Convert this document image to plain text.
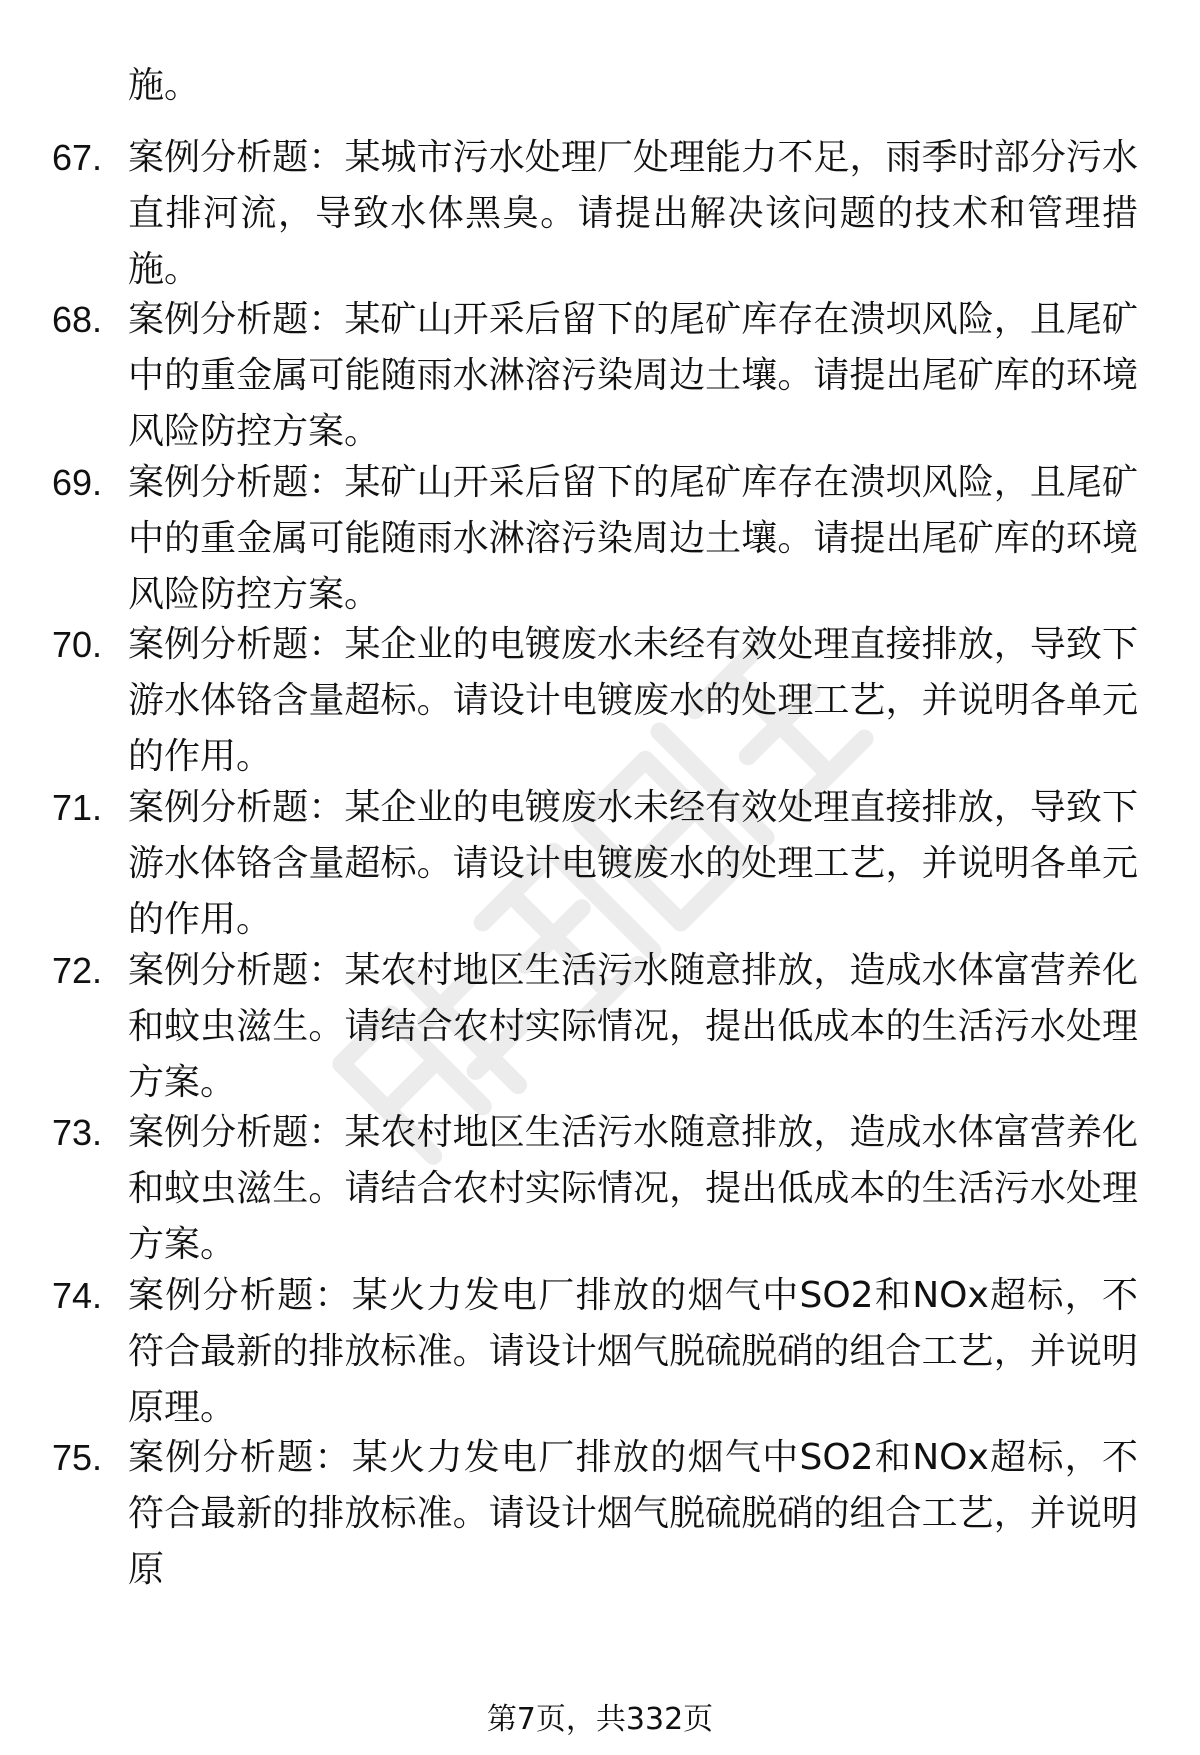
施。
67. 案例分析题：某城市污水处理厂处理能力不足，雨季时部分污水直排河流，导致水体黑臭。请提出解决该问题的技术和管理措施。
68. 案例分析题：某矿山开采后留下的尾矿库存在溃坝风险，且尾矿中的重金属可能随雨水淋溶污染周边土壤。请提出尾矿库的环境风险防控方案。
69. 案例分析题：某矿山开采后留下的尾矿库存在溃坝风险，且尾矿中的重金属可能随雨水淋溶污染周边土壤。请提出尾矿库的环境风险防控方案。
70. 案例分析题：某企业的电镀废水未经有效处理直接排放，导致下游水体铬含量超标。请设计电镀废水的处理工艺，并说明各单元的作用。
71. 案例分析题：某企业的电镀废水未经有效处理直接排放，导致下游水体铬含量超标。请设计电镀废水的处理工艺，并说明各单元的作用。
72. 案例分析题：某农村地区生活污水随意排放，造成水体富营养化和蚊虫滋生。请结合农村实际情况，提出低成本的生活污水处理方案。
73. 案例分析题：某农村地区生活污水随意排放，造成水体富营养化和蚊虫滋生。请结合农村实际情况，提出低成本的生活污水处理方案。
74. 案例分析题：某火力发电厂排放的烟气中SO2和NOx超标，不符合最新的排放标准。请设计烟气脱硫脱硝的组合工艺，并说明原理。
75. 案例分析题：某火力发电厂排放的烟气中SO2和NOx超标，不符合最新的排放标准。请设计烟气脱硫脱硝的组合工艺，并说明原
第7页，共332页
